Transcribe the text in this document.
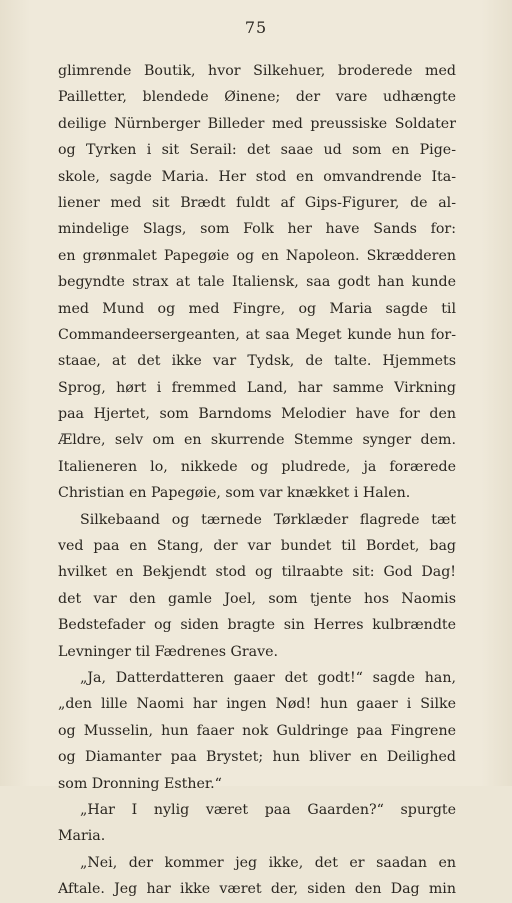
75
glimrende Boutik, hvor Silkehuer, broderede med
Pailletter, blendede Øinene; der vare udhængte
deilige Nürnberger Billeder med preussiske Soldater
og Tyrken i sit Serail: det saae ud som en Pige-
skole, sagde Maria. Her stod en omvandrende Ita-
liener med sit Brædt fuldt af Gips-Figurer, de al-
mindelige Slags, som Folk her have Sands for:
en grønmalet Papegøie og en Napoleon. Skrædderen
begyndte strax at tale Italiensk, saa godt han kunde
med Mund og med Fingre, og Maria sagde til
Commandeersergeanten, at saa Meget kunde hun for-
staae, at det ikke var Tydsk, de talte. Hjemmets
Sprog, hørt i fremmed Land, har samme Virkning
paa Hjertet, som Barndoms Melodier have for den
Ældre, selv om en skurrende Stemme synger dem.
Italieneren lo, nikkede og pludrede, ja forærede
Christian en Papegøie, som var knækket i Halen.
Silkebaand og tærnede Tørklæder flagrede tæt
ved paa en Stang, der var bundet til Bordet, bag
hvilket en Bekjendt stod og tilraabte sit: God Dag!
det var den gamle Joel, som tjente hos Naomis
Bedstefader og siden bragte sin Herres kulbrændte
Levninger til Fædrenes Grave.
„Ja, Datterdatteren gaaer det godt!“ sagde han,
„den lille Naomi har ingen Nød! hun gaaer i Silke
og Musselin, hun faaer nok Guldringe paa Fingrene
og Diamanter paa Brystet; hun bliver en Deilighed
som Dronning Esther.“
„Har I nylig været paa Gaarden?“ spurgte
Maria.
„Nei, der kommer jeg ikke, det er saadan en
Aftale. Jeg har ikke været der, siden den Dag min
